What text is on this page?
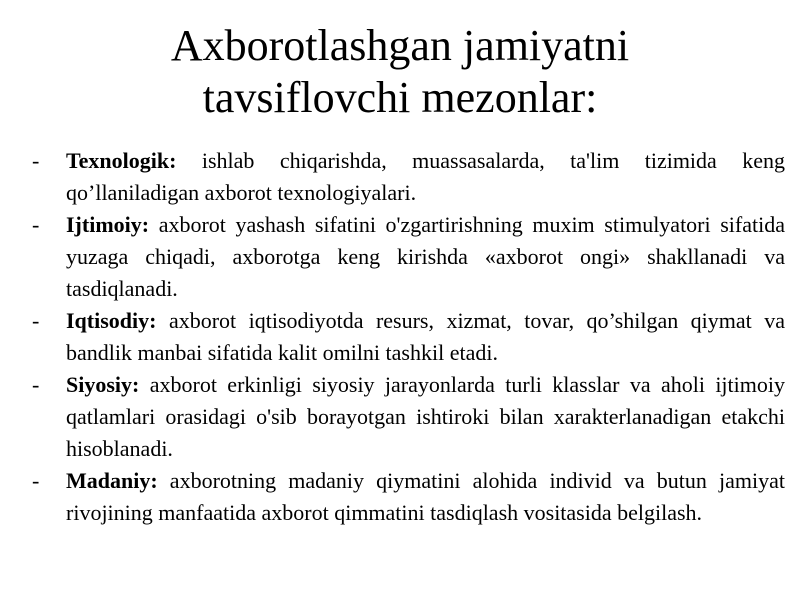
Axborotlashgan jamiyatni
tavsiflovchi mezonlar:
-	Texnologik: ishlab chiqarishda, muassasalarda, ta'lim tizimida keng qo’llaniladigan axborot texnologiyalari.
-	Ijtimoiy: axborot yashash sifatini o'zgartirishning muxim stimulyatori sifatida yuzaga chiqadi, axborotga keng kirishda «axborot ongi» shakllanadi va tasdiqlanadi.
-	Iqtisodiy: axborot iqtisodiyotda resurs, xizmat, tovar, qo’shilgan qiymat va bandlik manbai sifatida kalit omilni tashkil etadi.
-	Siyosiy: axborot erkinligi siyosiy jarayonlarda turli klasslar va aholi ijtimoiy qatlamlari orasidagi o'sib borayotgan ishtiroki bilan xarakterlanadigan etakchi hisoblanadi.
-	Madaniy: axborotning madaniy qiymatini alohida individ va butun jamiyat rivojining manfaatida axborot qimmatini tasdiqlash vositasida belgilash.
